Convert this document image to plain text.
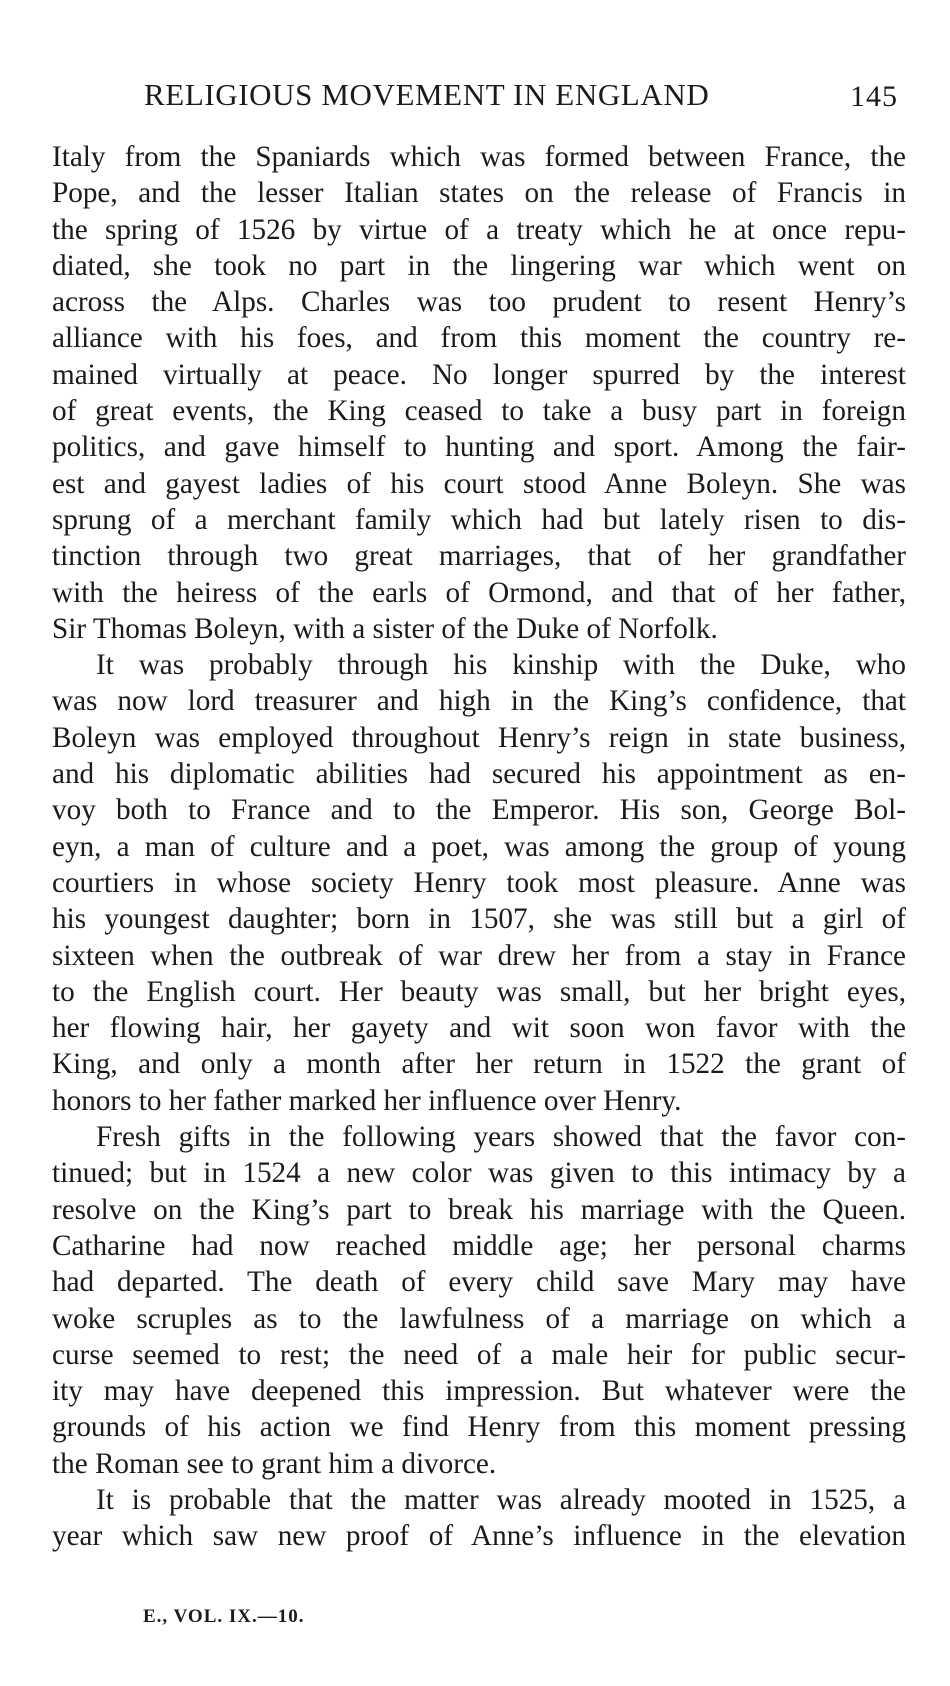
RELIGIOUS MOVEMENT IN ENGLAND	145

Italy from the Spaniards which was formed between France, the
Pope, and the lesser Italian states on the release of Francis in
the spring of 1526 by virtue of a treaty which he at once repu-
diated, she took no part in the lingering war which went on
across the Alps. Charles was too prudent to resent Henry’s
alliance with his foes, and from this moment the country re-
mained virtually at peace. No longer spurred by the interest
of great events, the King ceased to take a busy part in foreign
politics, and gave himself to hunting and sport. Among the fair-
est and gayest ladies of his court stood Anne Boleyn. She was
sprung of a merchant family which had but lately risen to dis-
tinction through two great marriages, that of her grandfather
with the heiress of the earls of Ormond, and that of her father,
Sir Thomas Boleyn, with a sister of the Duke of Norfolk.

It was probably through his kinship with the Duke, who
was now lord treasurer and high in the King’s confidence, that
Boleyn was employed throughout Henry’s reign in state business,
and his diplomatic abilities had secured his appointment as en-
voy both to France and to the Emperor. His son, George Bol-
eyn, a man of culture and a poet, was among the group of young
courtiers in whose society Henry took most pleasure. Anne was
his youngest daughter; born in 1507, she was still but a girl of
sixteen when the outbreak of war drew her from a stay in France
to the English court. Her beauty was small, but her bright eyes,
her flowing hair, her gayety and wit soon won favor with the
King, and only a month after her return in 1522 the grant of
honors to her father marked her influence over Henry.

Fresh gifts in the following years showed that the favor con-
tinued; but in 1524 a new color was given to this intimacy by a
resolve on the King’s part to break his marriage with the Queen.
Catharine had now reached middle age; her personal charms
had departed. The death of every child save Mary may have
woke scruples as to the lawfulness of a marriage on which a
curse seemed to rest; the need of a male heir for public secur-
ity may have deepened this impression. But whatever were the
grounds of his action we find Henry from this moment pressing
the Roman see to grant him a divorce.

It is probable that the matter was already mooted in 1525, a
year which saw new proof of Anne’s influence in the elevation

E., VOL. IX.—10.
